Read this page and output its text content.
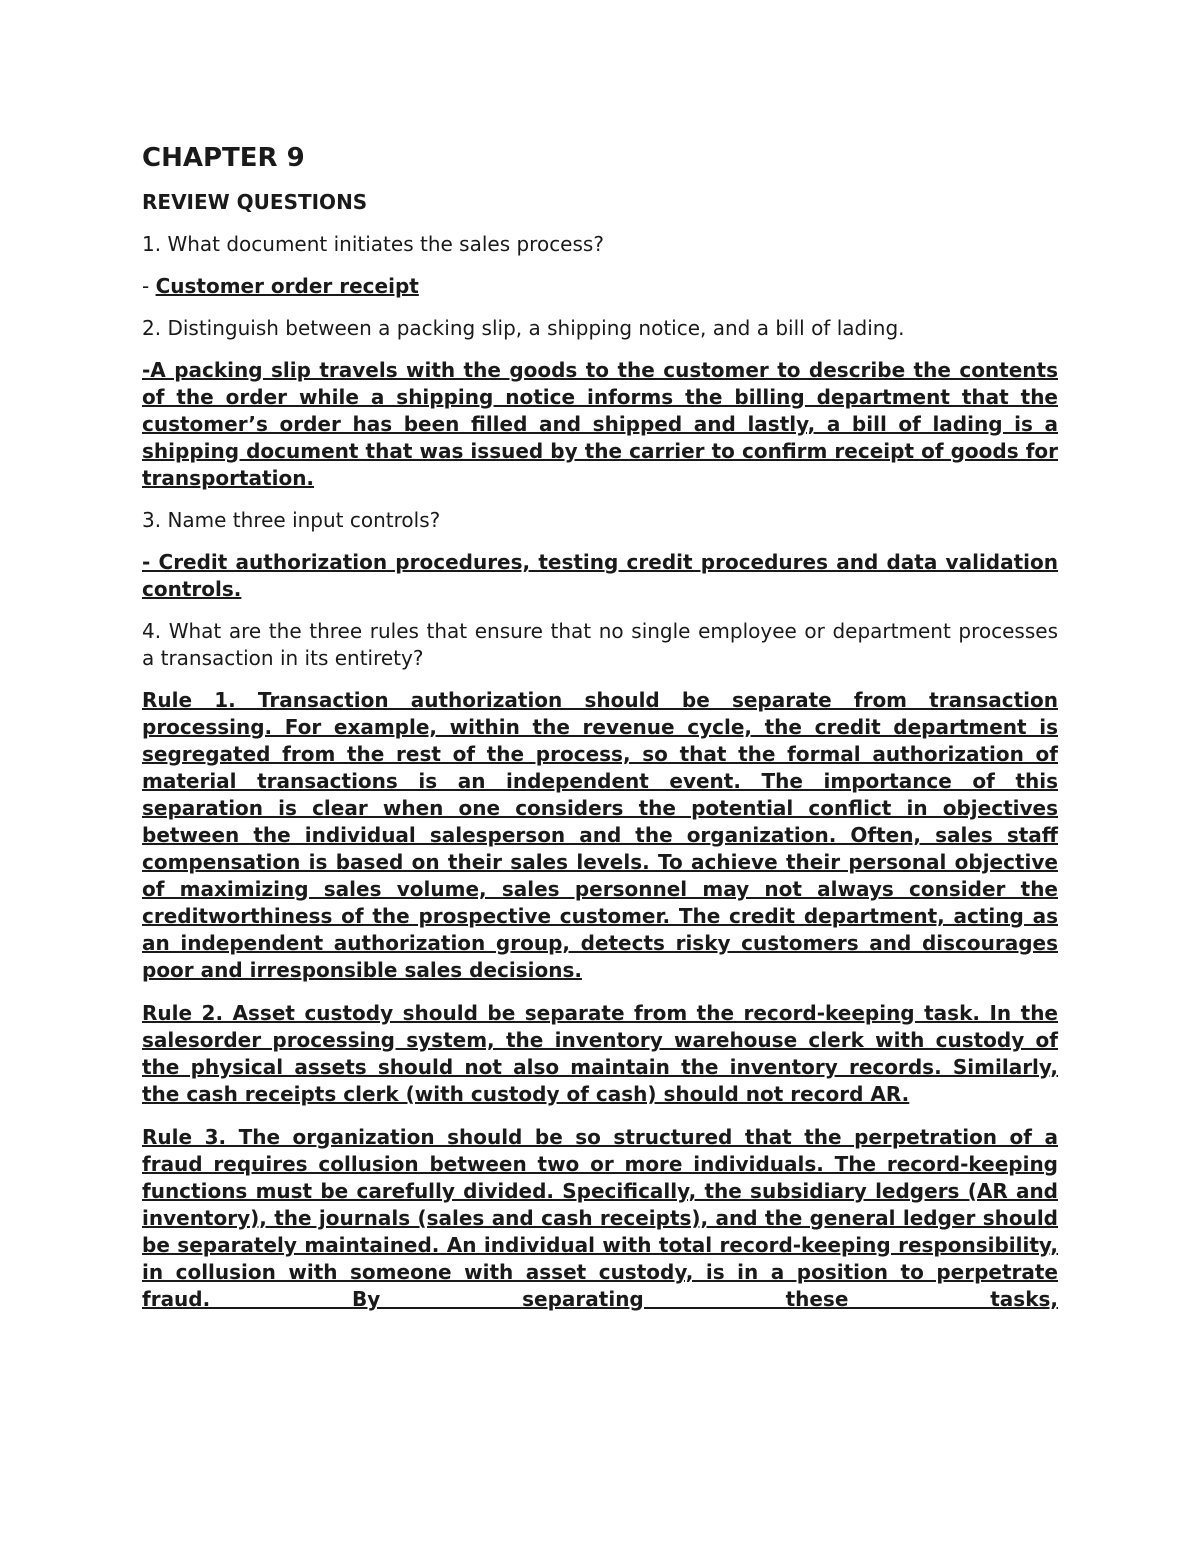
CHAPTER 9
REVIEW QUESTIONS

1. What document initiates the sales process?

- Customer order receipt

2. Distinguish between a packing slip, a shipping notice, and a bill of lading.

-A packing slip travels with the goods to the customer to describe the contents of the order while a shipping notice informs the billing department that the customer’s order has been filled and shipped and lastly, a bill of lading is a shipping document that was issued by the carrier to confirm receipt of goods for transportation.

3. Name three input controls?

- Credit authorization procedures, testing credit procedures and data validation controls.

4. What are the three rules that ensure that no single employee or department processes a transaction in its entirety?

Rule 1. Transaction authorization should be separate from transaction processing. For example, within the revenue cycle, the credit department is segregated from the rest of the process, so that the formal authorization of material transactions is an independent event. The importance of this separation is clear when one considers the potential conflict in objectives between the individual salesperson and the organization. Often, sales staff compensation is based on their sales levels. To achieve their personal objective of maximizing sales volume, sales personnel may not always consider the creditworthiness of the prospective customer. The credit department, acting as an independent authorization group, detects risky customers and discourages poor and irresponsible sales decisions.

Rule 2. Asset custody should be separate from the record-keeping task. In the salesorder processing system, the inventory warehouse clerk with custody of the physical assets should not also maintain the inventory records. Similarly, the cash receipts clerk (with custody of cash) should not record AR.

Rule 3. The organization should be so structured that the perpetration of a fraud requires collusion between two or more individuals. The record-keeping functions must be carefully divided. Specifically, the subsidiary ledgers (AR and inventory), the journals (sales and cash receipts), and the general ledger should be separately maintained. An individual with total record-keeping responsibility, in collusion with someone with asset custody, is in a position to perpetrate fraud. By separating these tasks,
